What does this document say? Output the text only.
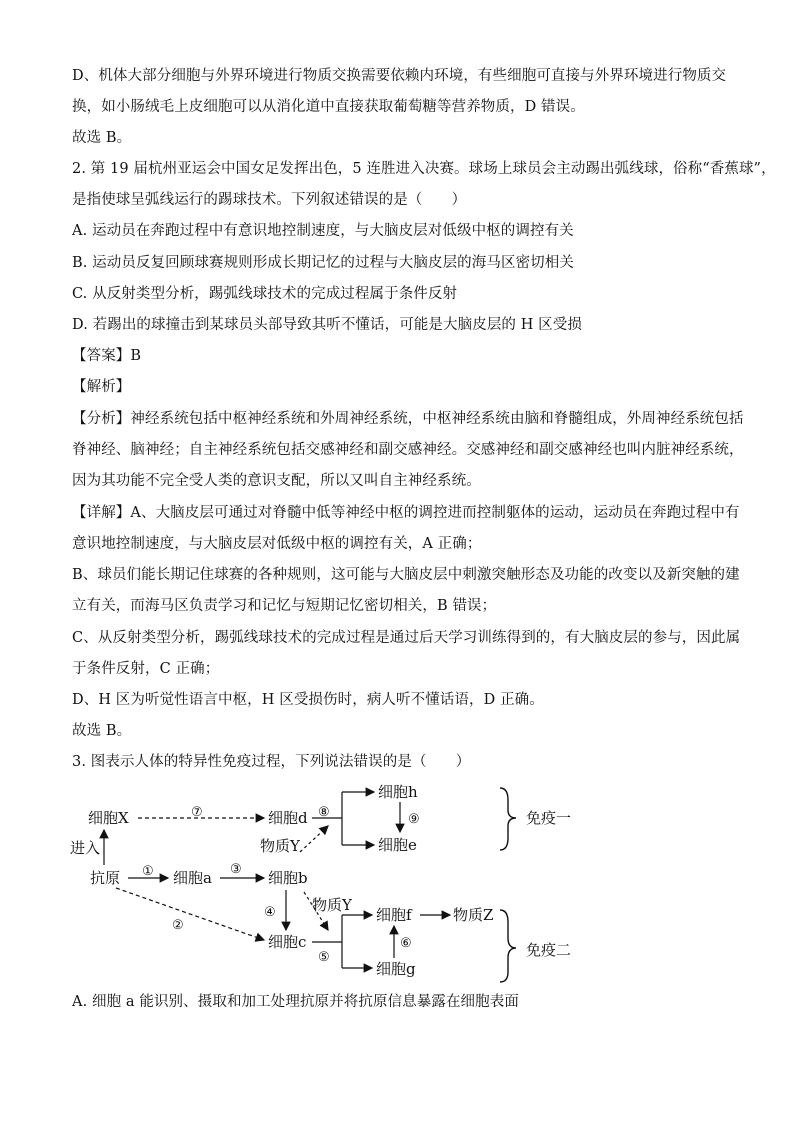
D、机体大部分细胞与外界环境进行物质交换需要依赖内环境，有些细胞可直接与外界环境进行物质交
换，如小肠绒毛上皮细胞可以从消化道中直接获取葡萄糖等营养物质，D 错误。
故选 B。
2. 第 19 届杭州亚运会中国女足发挥出色，5 连胜进入决赛。球场上球员会主动踢出弧线球，俗称“香蕉球”，
是指使球呈弧线运行的踢球技术。下列叙述错误的是（　　）
A. 运动员在奔跑过程中有意识地控制速度，与大脑皮层对低级中枢的调控有关
B. 运动员反复回顾球赛规则形成长期记忆的过程与大脑皮层的海马区密切相关
C. 从反射类型分析，踢弧线球技术的完成过程属于条件反射
D. 若踢出的球撞击到某球员头部导致其听不懂话，可能是大脑皮层的 H 区受损
【答案】B
【解析】
【分析】神经系统包括中枢神经系统和外周神经系统，中枢神经系统由脑和脊髓组成，外周神经系统包括
脊神经、脑神经；自主神经系统包括交感神经和副交感神经。交感神经和副交感神经也叫内脏神经系统，
因为其功能不完全受人类的意识支配，所以又叫自主神经系统。
【详解】A、大脑皮层可通过对脊髓中低等神经中枢的调控进而控制躯体的运动，运动员在奔跑过程中有
意识地控制速度，与大脑皮层对低级中枢的调控有关，A 正确；
B、球员们能长期记住球赛的各种规则，这可能与大脑皮层中刺激突触形态及功能的改变以及新突触的建
立有关，而海马区负责学习和记忆与短期记忆密切相关，B 错误；
C、从反射类型分析，踢弧线球技术的完成过程是通过后天学习训练得到的，有大脑皮层的参与，因此属
于条件反射，C 正确；
D、H 区为听觉性语言中枢，H 区受损伤时，病人听不懂话语，D 正确。
故选 B。
3. 图表示人体的特异性免疫过程，下列说法错误的是（　　）
细胞X	细胞d
细胞h
细胞e
物质Y
进入
抗原	细胞a	细胞b
物质Y
细胞f	物质Z
细胞c
细胞g
免疫一
免疫二
①
②
③
④
⑤
⑥
⑦	⑧	⑨
A. 细胞 a 能识别、摄取和加工处理抗原并将抗原信息暴露在细胞表面
